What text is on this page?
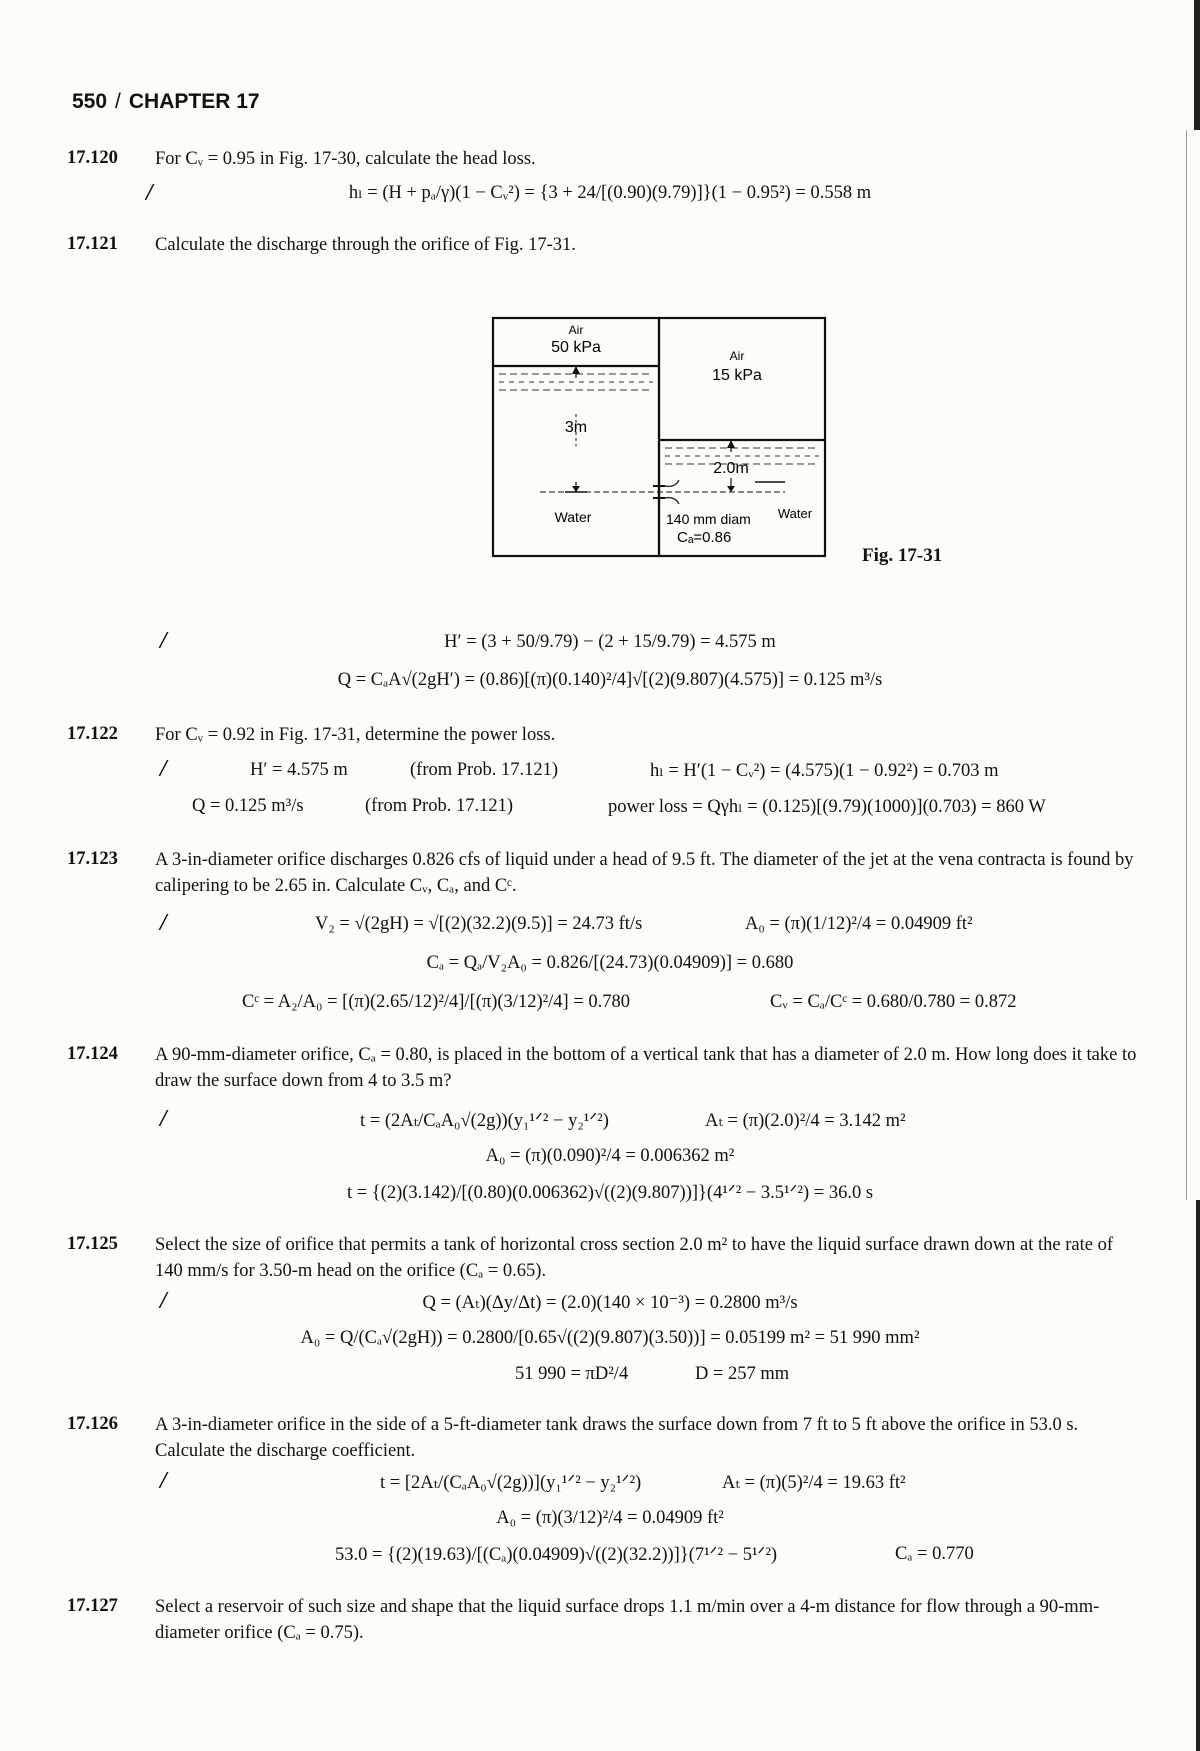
550 / CHAPTER 17
17.120 For Cᵥ = 0.95 in Fig. 17-30, calculate the head loss.
/	hₗ = (H + pₐ/γ)(1 − Cᵥ²) = {3 + 24/[(0.90)(9.79)]}(1 − 0.95²) = 0.558 m
17.121 Calculate the discharge through the orifice of Fig. 17-31.
Air
50 kPa	Air
15 kPa
3m
2.0m
Water	140 mm diam
Cₐ=0.86
Water
Fig. 17-31
/	H′ = (3 + 50/9.79) − (2 + 15/9.79) = 4.575 m
Q = CₐA√(2gH′) = (0.86)[(π)(0.140)²/4]√[(2)(9.807)(4.575)] = 0.125 m³/s
17.122 For Cᵥ = 0.92 in Fig. 17-31, determine the power loss.
/	H′ = 4.575 m	(from Prob. 17.121)	hₗ = H′(1 − Cᵥ²) = (4.575)(1 − 0.92²) = 0.703 m
Q = 0.125 m³/s	(from Prob. 17.121)	power loss = Qγhₗ = (0.125)[(9.79)(1000)](0.703) = 860 W
17.123 A 3-in-diameter orifice discharges 0.826 cfs of liquid under a head of 9.5 ft. The diameter of the jet at the vena contracta is found by calipering to be 2.65 in. Calculate Cᵥ, Cₐ, and Cᶜ.
/	V₂ = √(2gH) = √[(2)(32.2)(9.5)] = 24.73 ft/s	A₀ = (π)(1/12)²/4 = 0.04909 ft²
Cₐ = Qₐ/V₂A₀ = 0.826/[(24.73)(0.04909)] = 0.680
Cᶜ = A₂/A₀ = [(π)(2.65/12)²/4]/[(π)(3/12)²/4] = 0.780	Cᵥ = Cₐ/Cᶜ = 0.680/0.780 = 0.872
17.124 A 90-mm-diameter orifice, Cₐ = 0.80, is placed in the bottom of a vertical tank that has a diameter of 2.0 m. How long does it take to draw the surface down from 4 to 3.5 m?
/	t = (2Aₜ/CₐA₀√(2g))(y₁¹ᐟ² − y₂¹ᐟ²)	Aₜ = (π)(2.0)²/4 = 3.142 m²
A₀ = (π)(0.090)²/4 = 0.006362 m²
t = {(2)(3.142)/[(0.80)(0.006362)√((2)(9.807))]}(4¹ᐟ² − 3.5¹ᐟ²) = 36.0 s
17.125 Select the size of orifice that permits a tank of horizontal cross section 2.0 m² to have the liquid surface drawn down at the rate of 140 mm/s for 3.50-m head on the orifice (Cₐ = 0.65).
/	Q = (Aₜ)(Δy/Δt) = (2.0)(140 × 10⁻³) = 0.2800 m³/s
A₀ = Q/(Cₐ√(2gH)) = 0.2800/[0.65√((2)(9.807)(3.50))] = 0.05199 m² = 51 990 mm²
51 990 = πD²/4	D = 257 mm
17.126 A 3-in-diameter orifice in the side of a 5-ft-diameter tank draws the surface down from 7 ft to 5 ft above the orifice in 53.0 s. Calculate the discharge coefficient.
/	t = [2Aₜ/(CₐA₀√(2g))](y₁¹ᐟ² − y₂¹ᐟ²)	Aₜ = (π)(5)²/4 = 19.63 ft²
A₀ = (π)(3/12)²/4 = 0.04909 ft²
53.0 = {(2)(19.63)/[(Cₐ)(0.04909)√((2)(32.2))]}(7¹ᐟ² − 5¹ᐟ²)	Cₐ = 0.770
17.127 Select a reservoir of such size and shape that the liquid surface drops 1.1 m/min over a 4-m distance for flow through a 90-mm-diameter orifice (Cₐ = 0.75).
